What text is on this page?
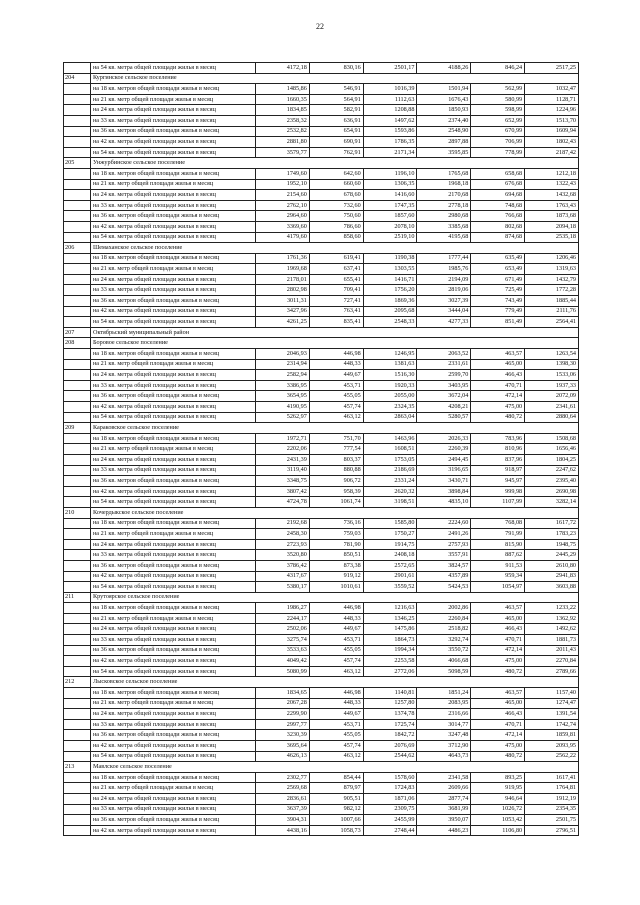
22
	на 54 кв. метра общей площади жилья в месяц	4172,18	830,16	2501,17	4188,26	846,24	2517,25
204	Кургинское сельское поселение						
	на 18 кв. метров общей площади жилья в месяц	1485,86	546,91	1016,39	1501,94	562,99	1032,47
	на 21 кв. метр общей площади жилья в месяц	1660,35	564,91	1112,63	1676,43	580,99	1128,71
	на 24 кв. метра общей площади жилья в месяц	1834,85	582,91	1208,88	1850,93	598,99	1224,96
	на 33 кв. метра общей площади жилья в месяц	2358,32	636,91	1497,62	2374,40	652,99	1513,70
	на 36 кв. метров общей площади жилья в месяц	2532,82	654,91	1593,86	2548,90	670,99	1609,94
	на 42 кв. метра общей площади жилья в месяц	2881,80	690,91	1786,35	2897,88	706,99	1802,43
	на 54 кв. метра общей площади жилья в месяц	3579,77	762,91	2171,34	3595,85	778,99	2187,42
205	Унжурбинское сельское поселение						
	на 18 кв. метров общей площади жилья в месяц	1749,60	642,60	1196,10	1765,68	658,68	1212,18
	на 21 кв. метр общей площади жилья в месяц	1952,10	660,60	1306,35	1968,18	676,68	1322,43
	на 24 кв. метра общей площади жилья в месяц	2154,60	678,60	1416,60	2170,68	694,68	1432,68
	на 33 кв. метра общей площади жилья в месяц	2762,10	732,60	1747,35	2778,18	748,68	1763,43
	на 36 кв. метров общей площади жилья в месяц	2964,60	750,60	1857,60	2980,68	766,68	1873,68
	на 42 кв. метра общей площади жилья в месяц	3369,60	786,60	2078,10	3385,68	802,68	2094,18
	на 54 кв. метра общей площади жилья в месяц	4179,60	858,60	2519,10	4195,68	874,68	2535,18
206	Шемаханское сельское поселение						
	на 18 кв. метров общей площади жилья в месяц	1761,36	619,41	1190,38	1777,44	635,49	1206,46
	на 21 кв. метр общей площади жилья в месяц	1969,68	637,41	1303,55	1985,76	653,49	1319,63
	на 24 кв. метра общей площади жилья в месяц	2178,01	655,41	1416,71	2194,09	671,49	1432,79
	на 33 кв. метра общей площади жилья в месяц	2802,98	709,41	1756,20	2819,06	725,49	1772,28
	на 36 кв. метров общей площади жилья в месяц	3011,31	727,41	1869,36	3027,39	743,49	1885,44
	на 42 кв. метра общей площади жилья в месяц	3427,96	763,41	2095,68	3444,04	779,49	2111,76
	на 54 кв. метра общей площади жилья в месяц	4261,25	835,41	2548,33	4277,33	851,49	2564,41
207	Октябрьский муниципальный район						
208	Боровое сельское поселение						
	на 18 кв. метров общей площади жилья в месяц	2046,93	446,98	1246,95	2063,52	463,57	1263,54
	на 21 кв. метр общей площади жилья в месяц	2314,94	448,33	1381,63	2331,61	465,00	1398,30
	на 24 кв. метра общей площади жилья в месяц	2582,94	449,67	1516,30	2599,70	466,43	1533,06
	на 33 кв. метра общей площади жилья в месяц	3386,95	453,71	1920,33	3403,95	470,71	1937,33
	на 36 кв. метров общей площади жилья в месяц	3654,95	455,05	2055,00	3672,04	472,14	2072,09
	на 42 кв. метра общей площади жилья в месяц	4190,95	457,74	2324,35	4208,21	475,00	2341,61
	на 54 кв. метра общей площади жилья в месяц	5262,97	463,12	2863,04	5280,57	480,72	2880,64
209	Караковское сельское поселение						
	на 18 кв. метров общей площади жилья в месяц	1972,71	751,70	1463,96	2026,33	783,96	1508,68
	на 21 кв. метр общей площади жилья в месяц	2202,06	777,54	1608,51	2260,39	810,96	1656,46
	на 24 кв. метра общей площади жилья в месяц	2431,39	803,37	1753,05	2494,45	837,96	1804,25
	на 33 кв. метра общей площади жилья в месяц	3119,40	880,88	2186,69	3196,65	918,97	2247,62
	на 36 кв. метров общей площади жилья в месяц	3348,75	906,72	2331,24	3430,71	945,97	2395,40
	на 42 кв. метра общей площади жилья в месяц	3807,42	958,39	2620,32	3898,84	999,98	2690,98
	на 54 кв. метра общей площади жилья в месяц	4724,78	1061,74	3198,51	4835,10	1107,99	3282,14
210	Кочердыкское сельское поселение						
	на 18 кв. метров общей площади жилья в месяц	2192,68	736,16	1585,80	2224,60	768,08	1617,72
	на 21 кв. метр общей площади жилья в месяц	2458,30	759,03	1750,27	2491,26	791,99	1783,23
	на 24 кв. метра общей площади жилья в месяц	2723,93	781,90	1914,75	2757,93	815,90	1948,75
	на 33 кв. метра общей площади жилья в месяц	3520,80	850,51	2408,18	3557,91	887,62	2445,29
	на 36 кв. метров общей площади жилья в месяц	3786,42	873,38	2572,65	3824,57	911,53	2610,80
	на 42 кв. метра общей площади жилья в месяц	4317,67	919,12	2901,61	4357,89	959,34	2941,83
	на 54 кв. метра общей площади жилья в месяц	5380,17	1010,61	3559,52	5424,53	1054,97	3603,88
211	Крутоярское сельское поселение						
	на 18 кв. метров общей площади жилья в месяц	1986,27	446,98	1216,63	2002,86	463,57	1233,22
	на 21 кв. метр общей площади жилья в месяц	2244,17	448,33	1346,25	2260,84	465,00	1362,92
	на 24 кв. метра общей площади жилья в месяц	2502,06	449,67	1475,86	2518,82	466,43	1492,62
	на 33 кв. метра общей площади жилья в месяц	3275,74	453,71	1864,73	3292,74	470,71	1881,73
	на 36 кв. метров общей площади жилья в месяц	3533,63	455,05	1994,34	3550,72	472,14	2011,43
	на 42 кв. метра общей площади жилья в месяц	4049,42	457,74	2253,58	4066,68	475,00	2270,84
	на 54 кв. метра общей площади жилья в месяц	5080,99	463,12	2772,06	5098,59	480,72	2789,66
212	Лысковское сельское поселение						
	на 18 кв. метров общей площади жилья в месяц	1834,65	446,98	1140,81	1851,24	463,57	1157,40
	на 21 кв. метр общей площади жилья в месяц	2067,28	448,33	1257,80	2083,95	465,00	1274,47
	на 24 кв. метра общей площади жилья в месяц	2299,90	449,67	1374,78	2316,66	466,43	1391,54
	на 33 кв. метра общей площади жилья в месяц	2997,77	453,71	1725,74	3014,77	470,71	1742,74
	на 36 кв. метров общей площади жилья в месяц	3230,39	455,05	1842,72	3247,48	472,14	1859,81
	на 42 кв. метра общей площади жилья в месяц	3695,64	457,74	2076,69	3712,90	475,00	2093,95
	на 54 кв. метра общей площади жилья в месяц	4626,13	463,12	2544,62	4643,73	480,72	2562,22
213	Мавлское сельское поселение						
	на 18 кв. метров общей площади жилья в месяц	2302,77	854,44	1578,60	2341,58	893,25	1617,41
	на 21 кв. метр общей площади жилья в месяц	2569,68	879,97	1724,83	2609,66	919,95	1764,81
	на 24 кв. метра общей площади жилья в месяц	2836,61	905,51	1871,06	2877,74	946,64	1912,19
	на 33 кв. метра общей площади жилья в месяц	3637,39	982,12	2309,75	3681,99	1026,72	2354,35
	на 36 кв. метров общей площади жилья в месяц	3904,31	1007,66	2455,99	3950,07	1053,42	2501,75
	на 42 кв. метра общей площади жилья в месяц	4438,16	1058,73	2748,44	4486,23	1106,80	2796,51
